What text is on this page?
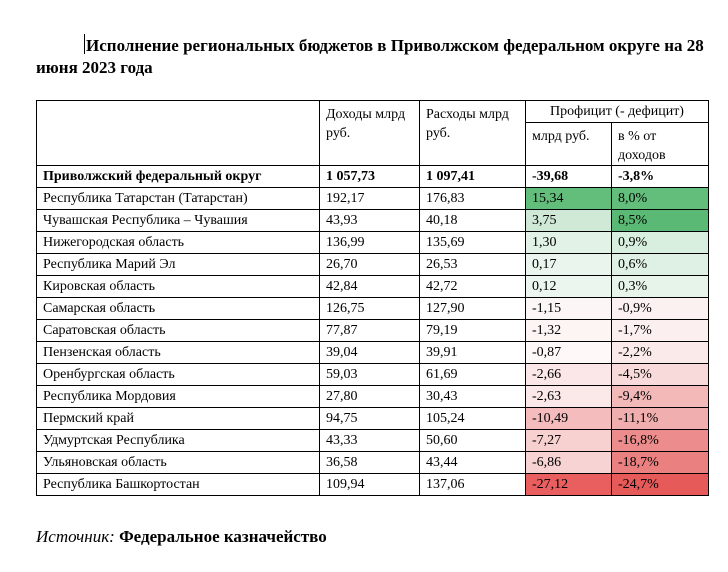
Исполнение региональных бюджетов в Приволжском федеральном округе на 28 июня 2023 года

	Доходы млрд руб.	Расходы млрд руб.	Профицит (- дефицит)	
			млрд руб.	в % от доходов
Приволжский федеральный округ	1 057,73	1 097,41	-39,68	-3,8%
Республика Татарстан (Татарстан)	192,17	176,83	15,34	8,0%
Чувашская Республика – Чувашия	43,93	40,18	3,75	8,5%
Нижегородская область	136,99	135,69	1,30	0,9%
Республика Марий Эл	26,70	26,53	0,17	0,6%
Кировская область	42,84	42,72	0,12	0,3%
Самарская область	126,75	127,90	-1,15	-0,9%
Саратовская область	77,87	79,19	-1,32	-1,7%
Пензенская область	39,04	39,91	-0,87	-2,2%
Оренбургская область	59,03	61,69	-2,66	-4,5%
Республика Мордовия	27,80	30,43	-2,63	-9,4%
Пермский край	94,75	105,24	-10,49	-11,1%
Удмуртская Республика	43,33	50,60	-7,27	-16,8%
Ульяновская область	36,58	43,44	-6,86	-18,7%
Республика Башкортостан	109,94	137,06	-27,12	-24,7%
Источник: Федеральное казначейство
